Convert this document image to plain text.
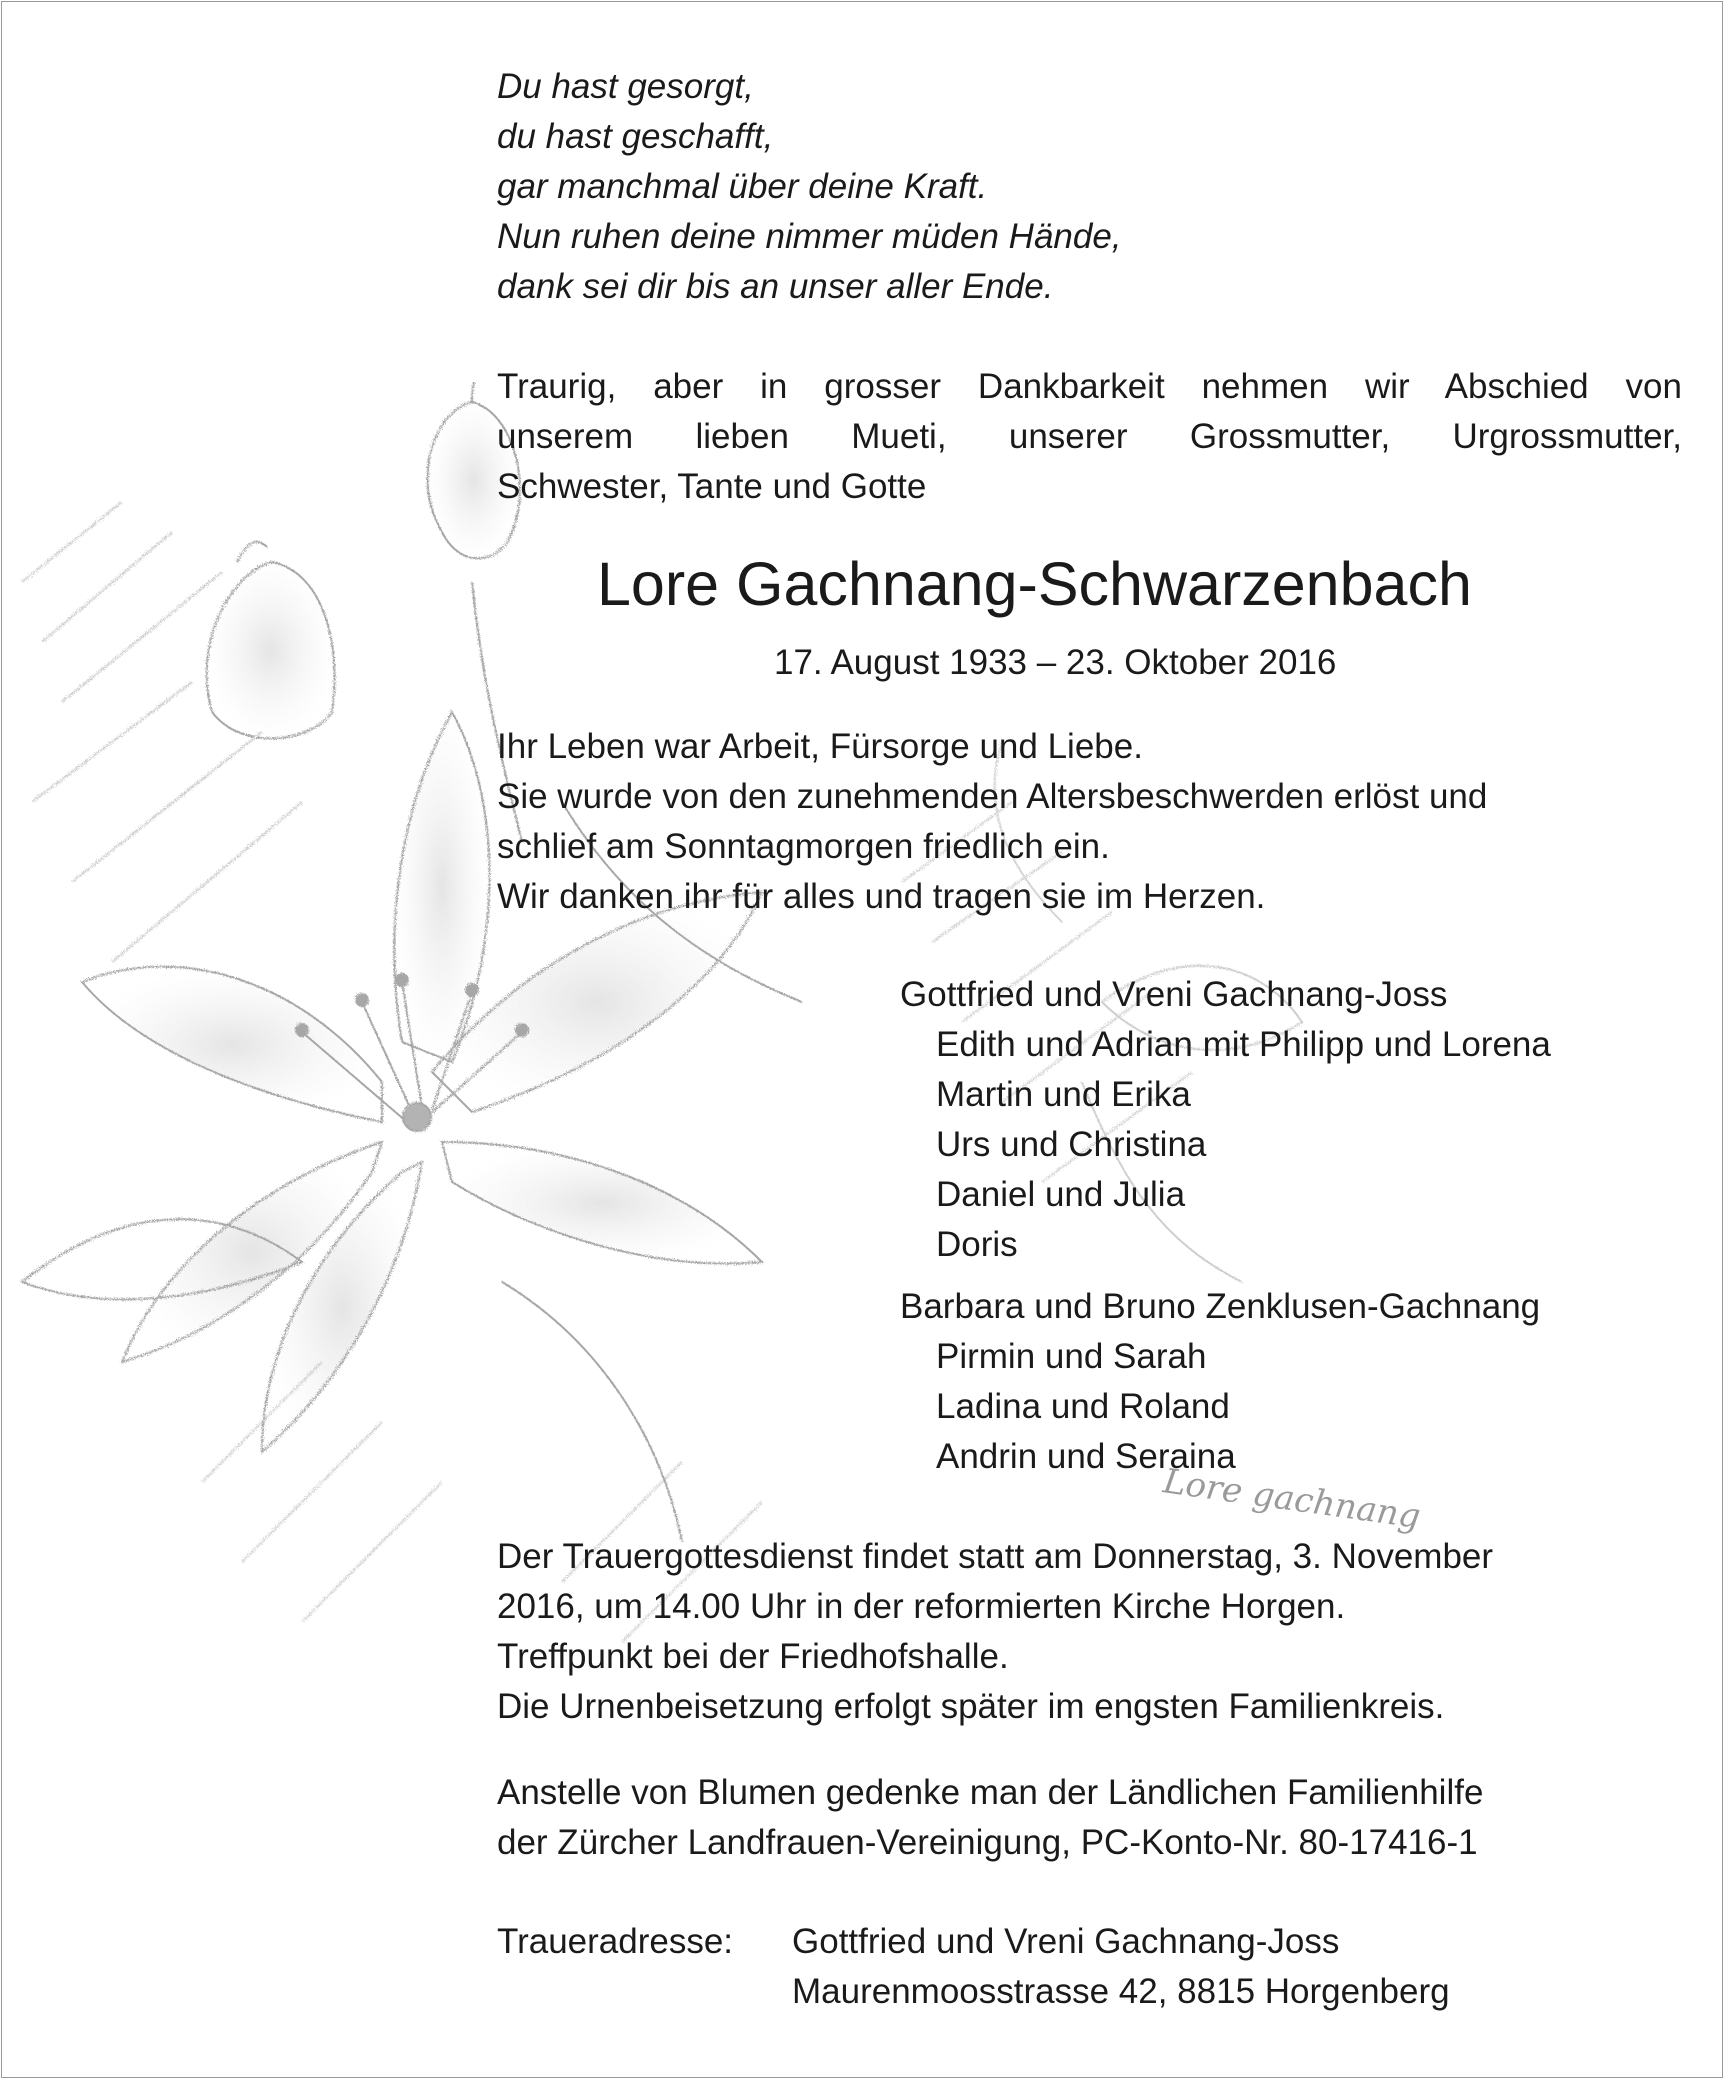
Lore gachnang
Du hast gesorgt,
du hast geschafft,
gar manchmal über deine Kraft.
Nun ruhen deine nimmer müden Hände,
dank sei dir bis an unser aller Ende.
Traurig, aber in grosser Dankbarkeit nehmen wir Abschied von
unserem lieben Mueti, unserer Grossmutter, Urgrossmutter,
Schwester, Tante und Gotte
Lore Gachnang-Schwarzenbach
17. August 1933 – 23. Oktober 2016
Ihr Leben war Arbeit, Fürsorge und Liebe.
Sie wurde von den zunehmenden Altersbeschwerden erlöst und
schlief am Sonntagmorgen friedlich ein.
Wir danken ihr für alles und tragen sie im Herzen.
Gottfried und Vreni Gachnang-Joss
Edith und Adrian mit Philipp und Lorena
Martin und Erika
Urs und Christina
Daniel und Julia
Doris
Barbara und Bruno Zenklusen-Gachnang
Pirmin und Sarah
Ladina und Roland
Andrin und Seraina
Der Trauergottesdienst findet statt am Donnerstag, 3. November
2016, um 14.00 Uhr in der reformierten Kirche Horgen.
Treffpunkt bei der Friedhofshalle.
Die Urnenbeisetzung erfolgt später im engsten Familienkreis.
Anstelle von Blumen gedenke man der Ländlichen Familienhilfe
der Zürcher Landfrauen-Vereinigung, PC-Konto-Nr. 80-17416-1
Traueradresse:	Gottfried und Vreni Gachnang-Joss
Maurenmoosstrasse 42, 8815 Horgenberg
